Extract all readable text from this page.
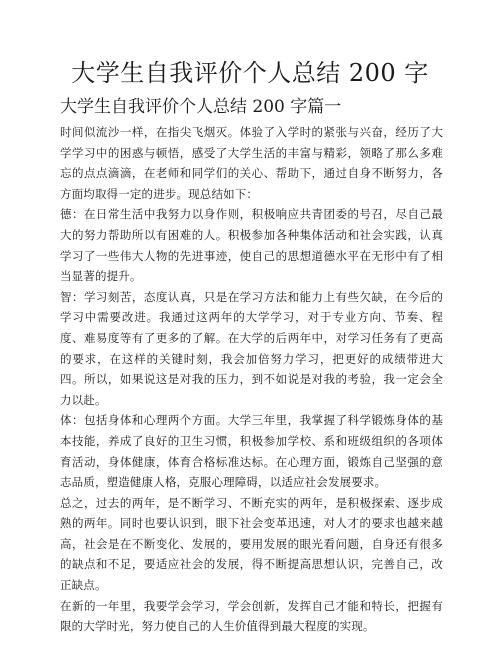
大学生自我评价个人总结 200 字
大学生自我评价个人总结 200 字篇一

时间似流沙一样，在指尖飞烟灭。体验了入学时的紧张与兴奋，经历了大学学习中的困惑与顿悟，感受了大学生活的丰富与精彩，领略了那么多难忘的点点滴滴，在老师和同学们的关心、帮助下，通过自身不断努力，各方面均取得一定的进步。现总结如下：

德：在日常生活中我努力以身作则，积极响应共青团委的号召，尽自己最大的努力帮助所以有困难的人。积极参加各种集体活动和社会实践，认真学习了一些伟大人物的先进事迹，使自己的思想道德水平在无形中有了相当显著的提升。

智：学习刻苦，态度认真，只是在学习方法和能力上有些欠缺，在今后的学习中需要改进。我通过这两年的大学学习，对于专业方向、节奏、程度、难易度等有了更多的了解。在大学的后两年中，对学习任务有了更高的要求，在这样的关键时刻，我会加倍努力学习，把更好的成绩带进大四。所以，如果说这是对我的压力，到不如说是对我的考验，我一定会全力以赴。

体：包括身体和心理两个方面。大学三年里，我掌握了科学锻炼身体的基本技能，养成了良好的卫生习惯，积极参加学校、系和班级组织的各项体育活动，身体健康，体育合格标准达标。在心理方面，锻炼自己坚强的意志品质，塑造健康人格，克服心理障碍，以适应社会发展要求。

总之，过去的两年，是不断学习、不断充实的两年，是积极探索、逐步成熟的两年。同时也要认识到，眼下社会变革迅速，对人才的要求也越来越高，社会是在不断变化、发展的，要用发展的眼光看问题，自身还有很多的缺点和不足，要适应社会的发展，得不断提高思想认识，完善自己，改正缺点。

在新的一年里，我要学会学习，学会创新，发挥自己才能和特长，把握有限的大学时光，努力使自己的人生价值得到最大程度的实现。
